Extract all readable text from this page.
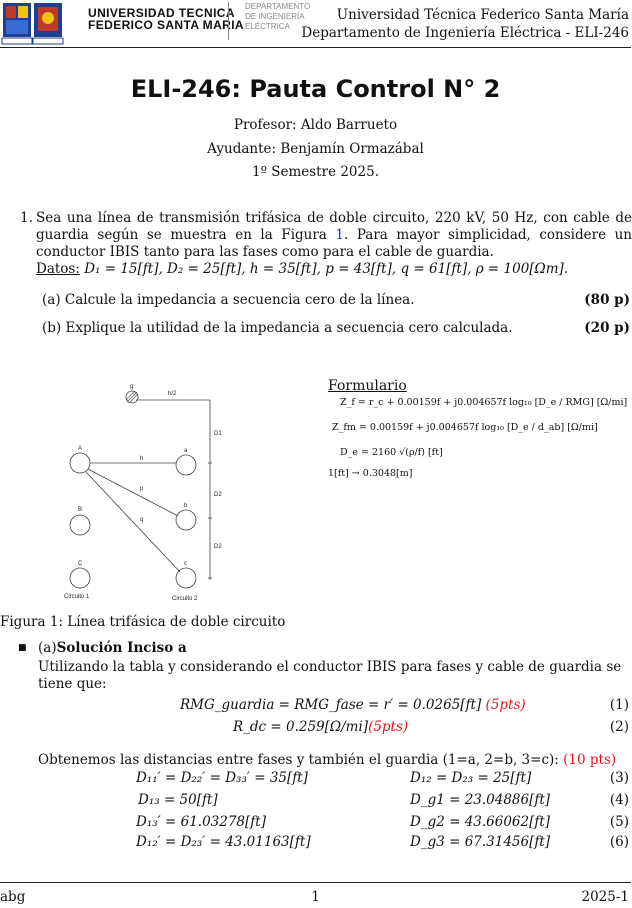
UNIVERSIDAD TECNICA
FEDERICO SANTA MARIA
DEPARTAMENTO
DE INGENIERÍA
ELÉCTRICA
Universidad Técnica Federico Santa María
Departamento de Ingeniería Eléctrica - ELI-246
ELI-246: Pauta Control N° 2
Profesor: Aldo Barrueto
Ayudante: Benjamín Ormazábal
1º Semestre 2025.
1. Sea una línea de transmisión trifásica de doble circuito, 220 kV, 50 Hz, con cable de guardia según se muestra en la Figura 1. Para mayor simplicidad, considere un conductor IBIS tanto para las fases como para el cable de guardia.
Datos: D₁ = 15[ft], D₂ = 25[ft], h = 35[ft], p = 43[ft], q = 61[ft], ρ = 100[Ωm].
(a) Calcule la impedancia a secuencia cero de la línea.	(80 p)
(b) Explique la utilidad de la impedancia a secuencia cero calculada.	(20 p)
g
h/2
D1
D2
D2
A
B
C
a
b
c
h
p
q
Circuito 1	Circuito 2
Formulario
Z_f = r_c + 0.00159f + j0.004657f log₁₀ [D_e / RMG] [Ω/mi]
Z_fm = 0.00159f + j0.004657f log₁₀ [D_e / d_ab] [Ω/mi]
D_e = 2160 √(ρ/f) [ft]
1[ft] → 0.3048[m]
Figura 1: Línea trifásica de doble circuito
■ (a)Solución Inciso a
Utilizando la tabla y considerando el conductor IBIS para fases y cable de guardia se tiene que:
RMG_guardia = RMG_fase = r′ = 0.0265[ft] (5pts)	(1)
R_dc = 0.259[Ω/mi](5pts)	(2)
Obtenemos las distancias entre fases y también el guardia (1=a, 2=b, 3=c): (10 pts)
D₁₁′ = D₂₂′ = D₃₃′ = 35[ft]	D₁₂ = D₂₃ = 25[ft]	(3)
D₁₃ = 50[ft]	D_g1 = 23.04886[ft]	(4)
D₁₃′ = 61.03278[ft]	D_g2 = 43.66062[ft]	(5)
D₁₂′ = D₂₃′ = 43.01163[ft]	D_g3 = 67.31456[ft]	(6)
abg	1	2025-1
